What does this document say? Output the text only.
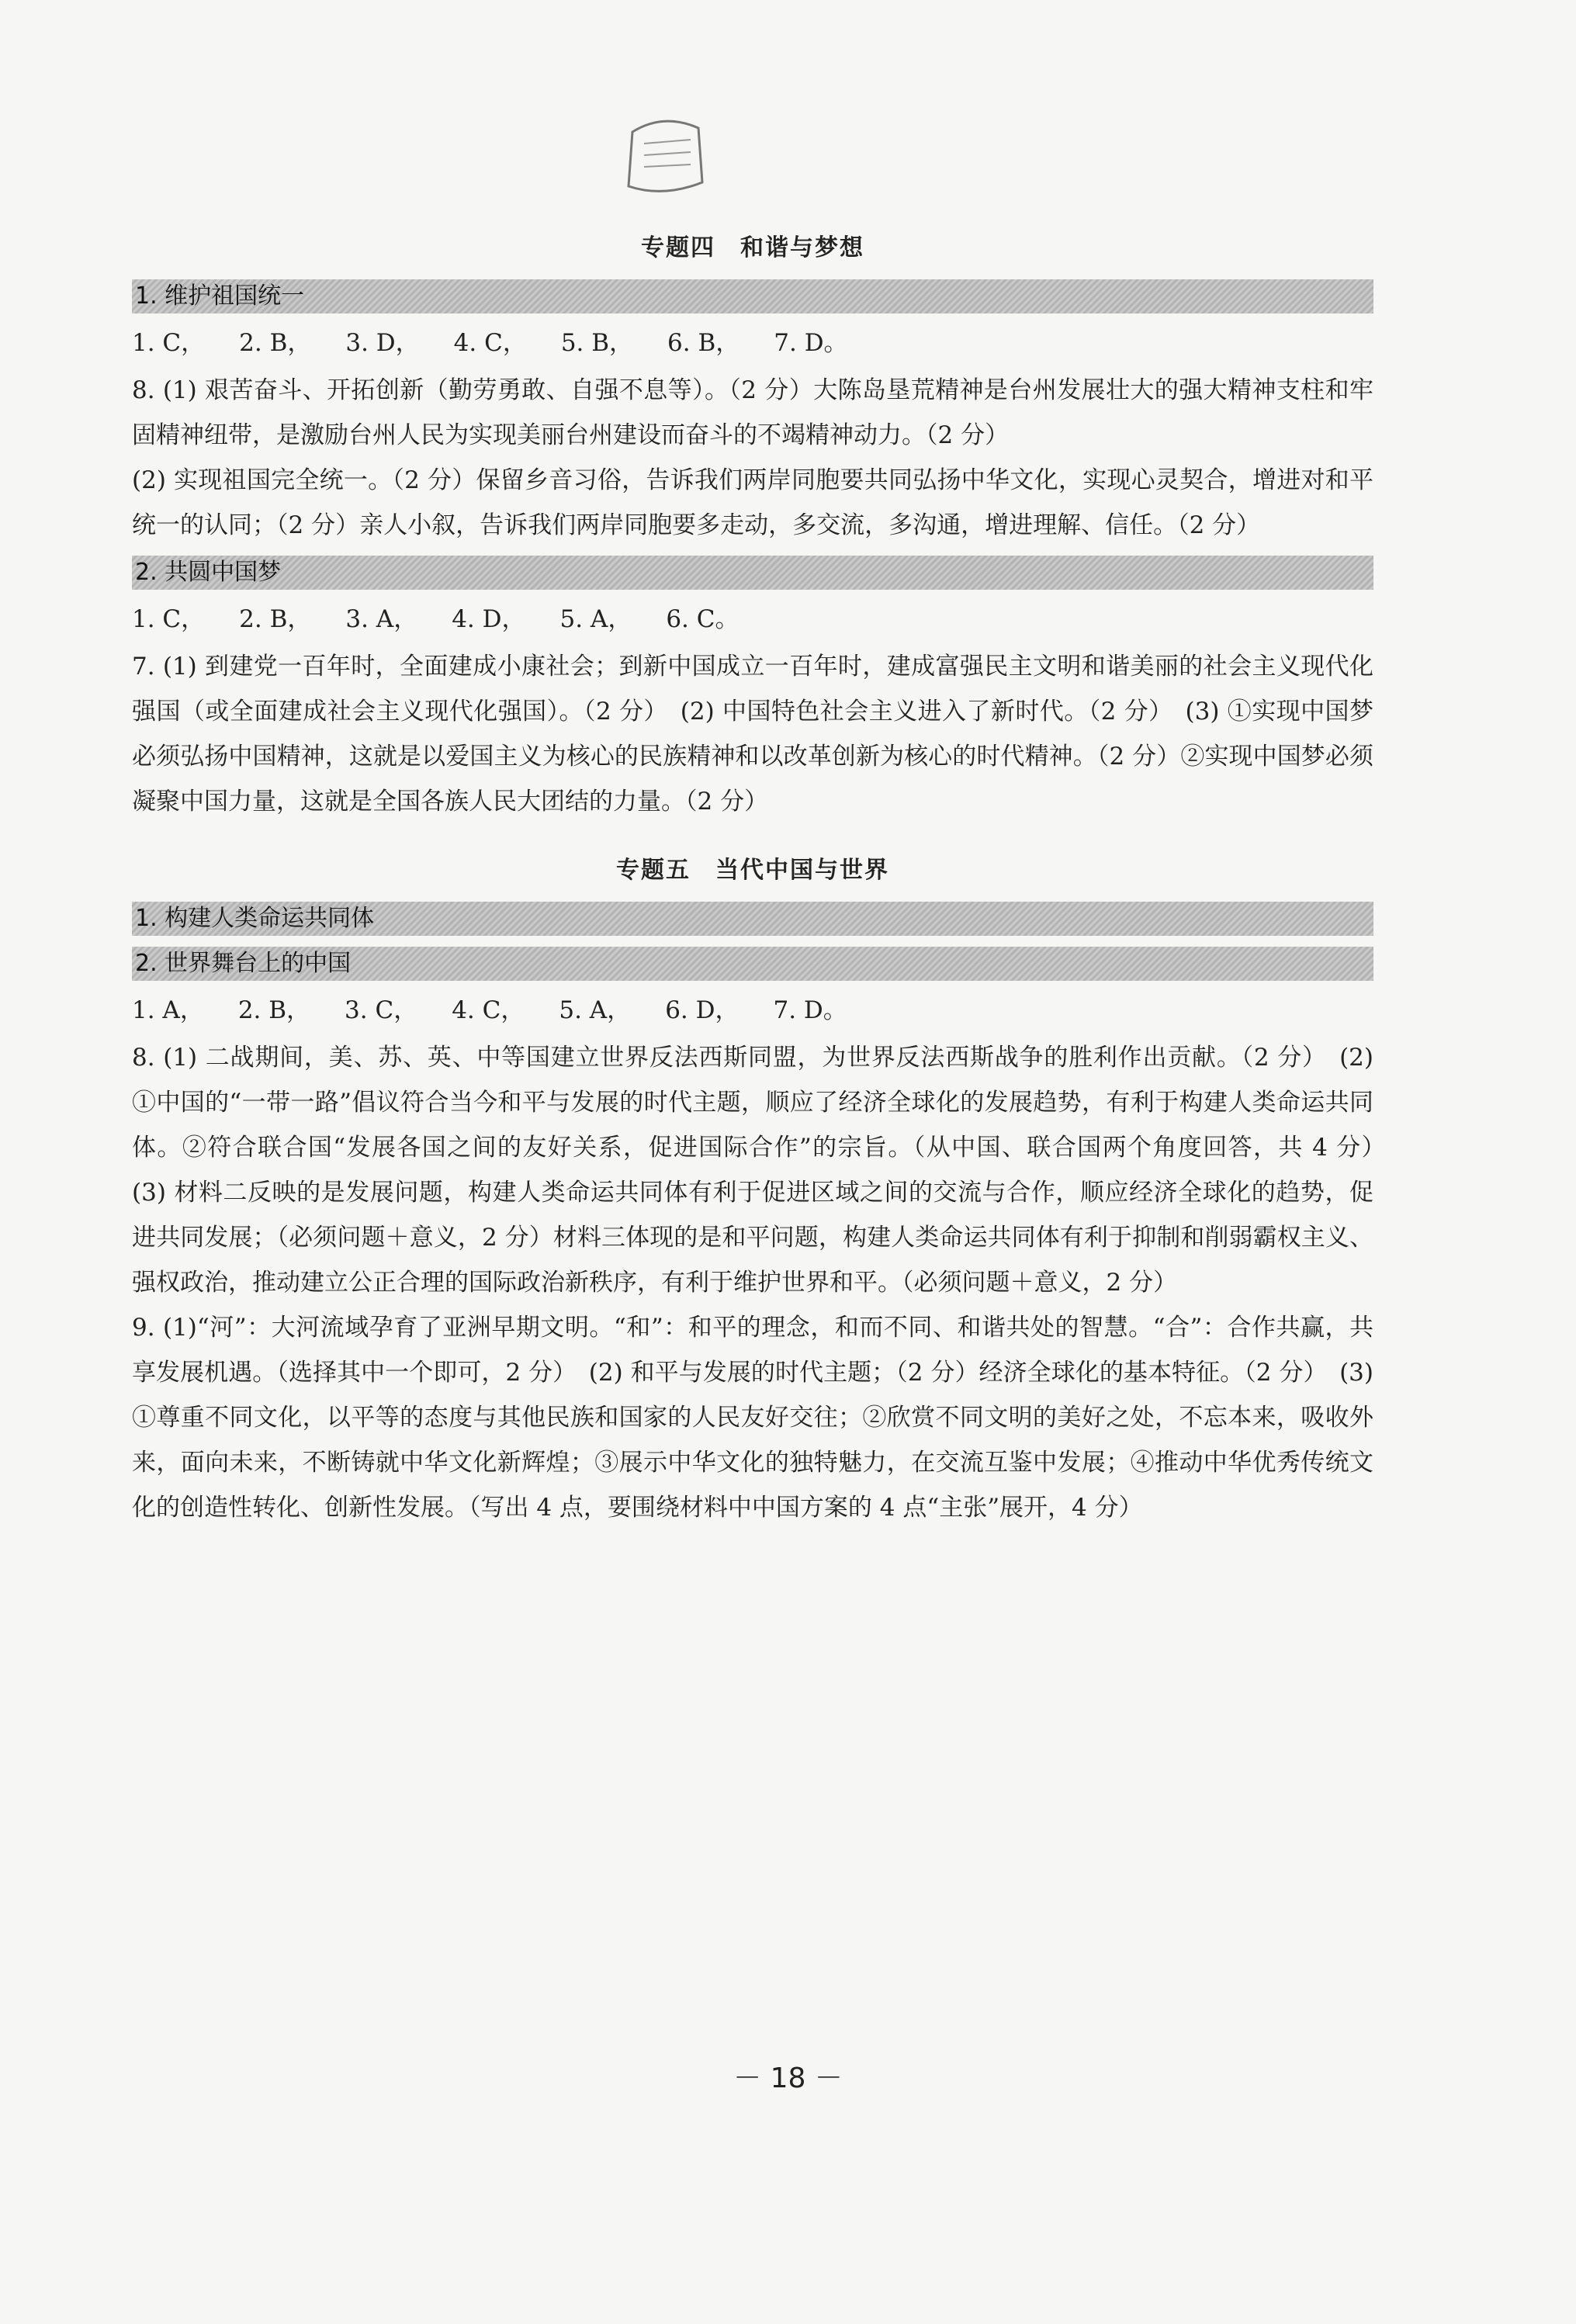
专题四　和谐与梦想
1. 维护祖国统一
1. C， 2. B， 3. D， 4. C， 5. B， 6. B， 7. D。

8. (1) 艰苦奋斗、开拓创新（勤劳勇敢、自强不息等）。（2 分）大陈岛垦荒精神是台州发展壮大的强大精神支柱和牢固精神纽带，是激励台州人民为实现美丽台州建设而奋斗的不竭精神动力。（2 分）

(2) 实现祖国完全统一。（2 分）保留乡音习俗，告诉我们两岸同胞要共同弘扬中华文化，实现心灵契合，增进对和平统一的认同；（2 分）亲人小叙，告诉我们两岸同胞要多走动，多交流，多沟通，增进理解、信任。（2 分）

2. 共圆中国梦
1. C， 2. B， 3. A， 4. D， 5. A， 6. C。

7. (1) 到建党一百年时，全面建成小康社会；到新中国成立一百年时，建成富强民主文明和谐美丽的社会主义现代化强国（或全面建成社会主义现代化强国）。（2 分）　(2) 中国特色社会主义进入了新时代。（2 分）　(3) ①实现中国梦必须弘扬中国精神，这就是以爱国主义为核心的民族精神和以改革创新为核心的时代精神。（2 分）②实现中国梦必须凝聚中国力量，这就是全国各族人民大团结的力量。（2 分）

专题五　当代中国与世界
1. 构建人类命运共同体
2. 世界舞台上的中国
1. A， 2. B， 3. C， 4. C， 5. A， 6. D， 7. D。

8. (1) 二战期间，美、苏、英、中等国建立世界反法西斯同盟，为世界反法西斯战争的胜利作出贡献。（2 分）　(2) ①中国的“一带一路”倡议符合当今和平与发展的时代主题，顺应了经济全球化的发展趋势，有利于构建人类命运共同体。②符合联合国“发展各国之间的友好关系，促进国际合作”的宗旨。（从中国、联合国两个角度回答，共 4 分）　(3) 材料二反映的是发展问题，构建人类命运共同体有利于促进区域之间的交流与合作，顺应经济全球化的趋势，促进共同发展；（必须问题＋意义，2 分）材料三体现的是和平问题，构建人类命运共同体有利于抑制和削弱霸权主义、强权政治，推动建立公正合理的国际政治新秩序，有利于维护世界和平。（必须问题＋意义，2 分）

9. (1)“河”：大河流域孕育了亚洲早期文明。“和”：和平的理念，和而不同、和谐共处的智慧。“合”：合作共赢，共享发展机遇。（选择其中一个即可，2 分）　(2) 和平与发展的时代主题；（2 分）经济全球化的基本特征。（2 分）　(3) ①尊重不同文化，以平等的态度与其他民族和国家的人民友好交往；②欣赏不同文明的美好之处，不忘本来，吸收外来，面向未来，不断铸就中华文化新辉煌；③展示中华文化的独特魅力，在交流互鉴中发展；④推动中华优秀传统文化的创造性转化、创新性发展。（写出 4 点，要围绕材料中中国方案的 4 点“主张”展开，4 分）

－ 18 －
